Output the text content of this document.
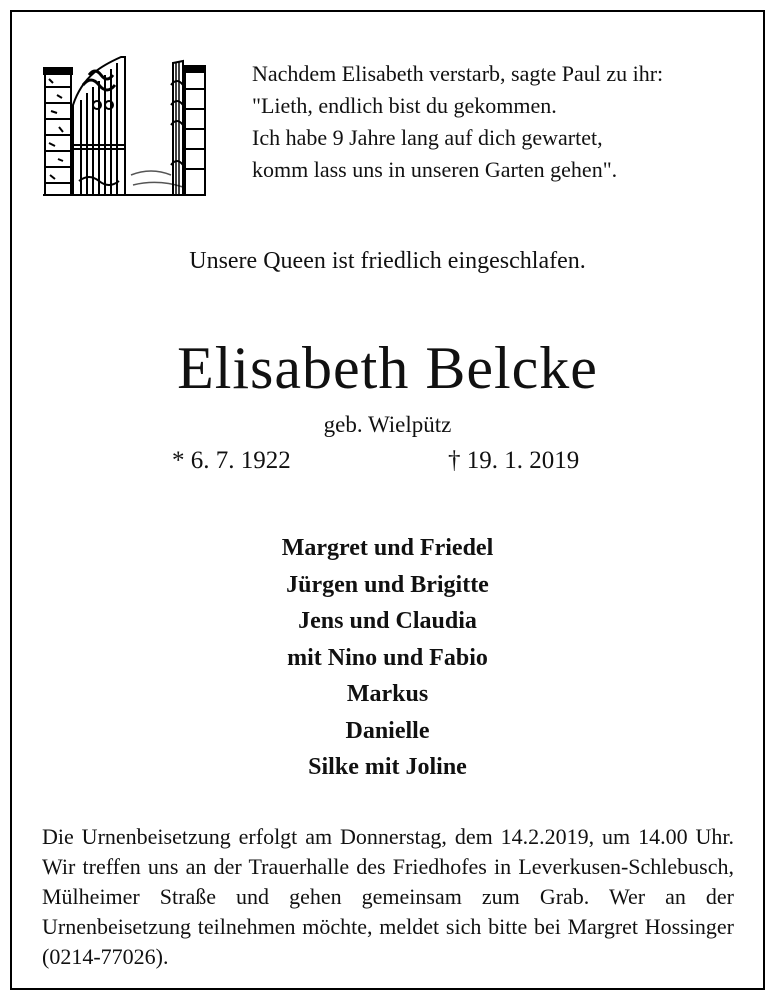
Nachdem Elisabeth verstarb, sagte Paul zu ihr:
"Lieth, endlich bist du gekommen.
Ich habe 9 Jahre lang auf dich gewartet,
komm lass uns in unseren Garten gehen".
Unsere Queen ist friedlich eingeschlafen.
Elisabeth Belcke
geb. Wielpütz
* 6. 7. 1922	† 19. 1. 2019
Margret und Friedel
Jürgen und Brigitte
Jens und Claudia
mit Nino und Fabio
Markus
Danielle
Silke mit Joline
Die Urnenbeisetzung erfolgt am Donnerstag, dem 14.2.2019, um 14.00 Uhr. Wir treffen uns an der Trauerhalle des Friedhofes in Leverkusen-Schlebusch, Mülheimer Straße und gehen gemeinsam zum Grab. Wer an der Urnenbeisetzung teilnehmen möchte, meldet sich bitte bei Margret Hossinger (0214-77026).
